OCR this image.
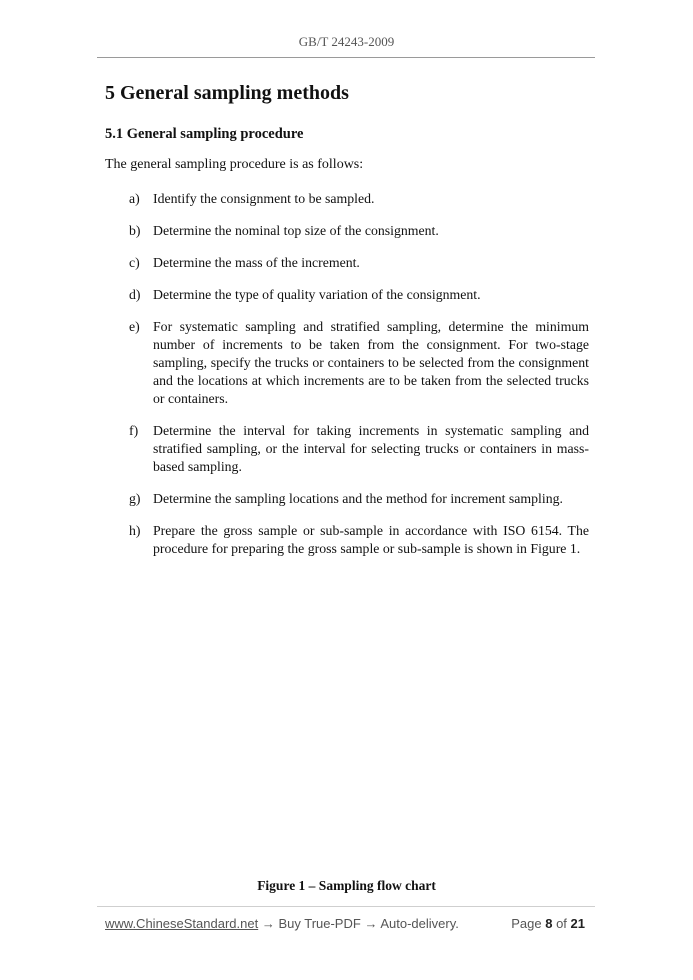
GB/T 24243-2009
5 General sampling methods
5.1 General sampling procedure
The general sampling procedure is as follows:
a) Identify the consignment to be sampled.
b) Determine the nominal top size of the consignment.
c) Determine the mass of the increment.
d) Determine the type of quality variation of the consignment.
e) For systematic sampling and stratified sampling, determine the minimum number of increments to be taken from the consignment. For two-stage sampling, specify the trucks or containers to be selected from the consignment and the locations at which increments are to be taken from the selected trucks or containers.
f)	Determine the interval for taking increments in systematic sampling and stratified sampling, or the interval for selecting trucks or containers in mass-based sampling.
g) Determine the sampling locations and the method for increment sampling.
h) Prepare the gross sample or sub-sample in accordance with ISO 6154. The procedure for preparing the gross sample or sub-sample is shown in Figure 1.
Figure 1 – Sampling flow chart
www.ChineseStandard.net → Buy True-PDF → Auto-delivery.	Page 8 of 21
